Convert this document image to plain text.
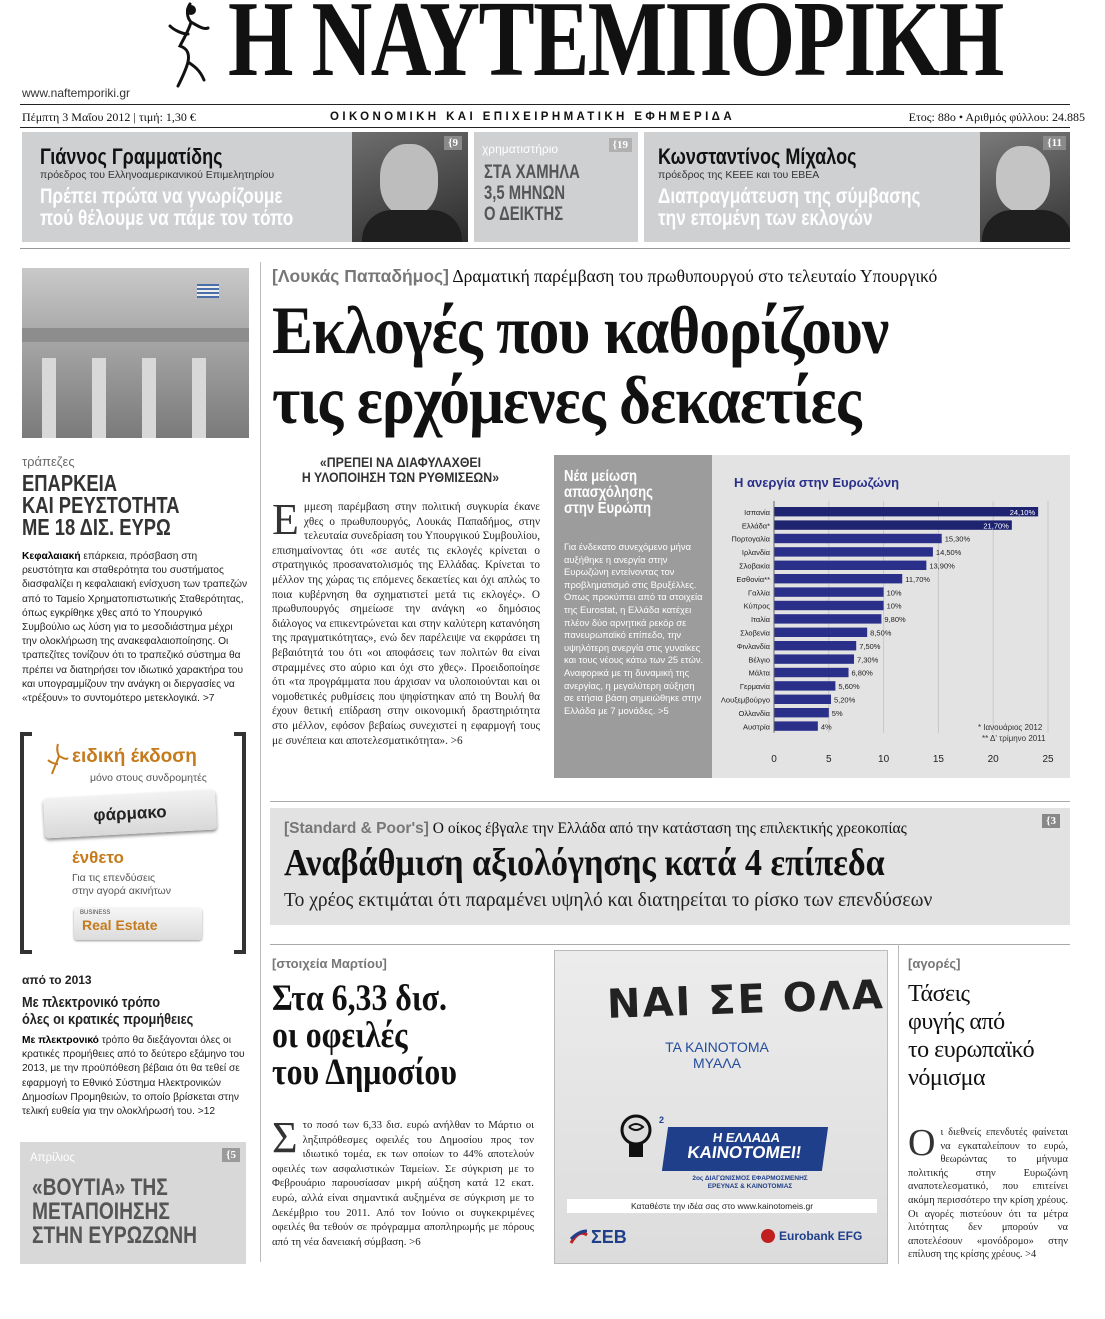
Η ΝΑΥΤΕΜΠΟΡΙΚΗ
www.naftemporiki.gr
Πέμπτη 3 Μαΐου 2012 | τιμή: 1,30 €	ΟΙΚΟΝΟΜΙΚΗ ΚΑΙ ΕΠΙΧΕΙΡΗΜΑΤΙΚΗ ΕΦΗΜΕΡΙΔΑ	Ετος: 88ο • Αριθμός φύλλου: 24.885
{9
Γιάννος Γραμματίδης
πρόεδρος του Ελληνοαμερικανικού Επιμελητηρίου
Πρέπει πρώτα να γνωρίζουμε
πού θέλουμε να πάμε τον τόπο
χρηματιστήριο	{19
ΣΤΑ ΧΑΜΗΛΑ
3,5 ΜΗΝΩΝ
Ο ΔΕΙΚΤΗΣ
{11
Κωνσταντίνος Μίχαλος
πρόεδρος της ΚΕΕΕ και του ΕΒΕΑ
Διαπραγμάτευση της σύμβασης
την επομένη των εκλογών
τράπεζες
ΕΠΑΡΚΕΙΑ
ΚΑΙ ΡΕΥΣΤΟΤΗΤΑ
ΜΕ 18 ΔΙΣ. ΕΥΡΩ
Κεφαλαιακή επάρκεια, πρόσβαση στη ρευστότητα και σταθερότητα του συστήματος διασφαλίζει η κεφαλαιακή ενίσχυση των τραπεζών από το Ταμείο Χρηματοπιστωτικής Σταθερότητας, όπως εγκρίθηκε χθες από το Υπουργικό Συμβούλιο ως λύση για το μεσοδιάστημα μέχρι την ολοκλήρωση της ανακεφαλαιοποίησης. Οι τραπεζίτες τονίζουν ότι το τραπεζικό σύστημα θα πρέπει να διατηρήσει τον ιδιωτικό χαρακτήρα του και υπογραμμίζουν την ανάγκη οι διεργασίες να «τρέξουν» το συντομότερο μετεκλογικά. >7
ειδική έκδοση
μόνο στους συνδρομητές
φάρμακο
ένθετο
Για τις επενδύσεις
στην αγορά ακινήτων
BUSINESS
Real Estate
από το 2013
Με πλεκτρονικό τρόπο
όλες οι κρατικές προμήθειες
Με πλεκτρονικό τρόπο θα διεξάγονται όλες οι κρατικές προμήθειες από το δεύτερο εξάμηνο του 2013, με την προϋπόθεση βέβαια ότι θα τεθεί σε εφαρμογή το Εθνικό Σύστημα Ηλεκτρονικών Δημοσίων Προμηθειών, το οποίο βρίσκεται στην τελική ευθεία για την ολοκλήρωσή του. >12
Απρίλιος	{5
«ΒΟΥΤΙΑ» ΤΗΣ
ΜΕΤΑΠΟΙΗΣΗΣ
ΣΤΗΝ ΕΥΡΩΖΩΝΗ
[Λουκάς Παπαδήμος] Δραματική παρέμβαση του πρωθυπουργού στο τελευταίο Υπουργικό
Εκλογές που καθορίζουν
τις ερχόμενες δεκαετίες
«ΠΡΕΠΕΙ ΝΑ ΔΙΑΦΥΛΑΧΘΕΙ
Η ΥΛΟΠΟΙΗΣΗ ΤΩΝ ΡΥΘΜΙΣΕΩΝ»
Εμμεση παρέμβαση στην πολιτική συγκυρία έκανε χθες ο πρωθυπουργός, Λουκάς Παπαδήμος, στην τελευταία συνεδρίαση του Υπουργικού Συμβουλίου, επισημαίνοντας ότι «σε αυτές τις εκλογές κρίνεται ο στρατηγικός προσανατολισμός της Ελλάδας. Κρίνεται το μέλλον της χώρας τις επόμενες δεκαετίες και όχι απλώς το ποια κυβέρνηση θα σχηματιστεί μετά τις εκλογές». Ο πρωθυπουργός σημείωσε την ανάγκη «ο δημόσιος διάλογος να επικεντρώνεται και στην καλύτερη κατανόηση της πραγματικότητας», ενώ δεν παρέλειψε να εκφράσει τη βεβαιότητά του ότι «οι αποφάσεις των πολιτών θα είναι στραμμένες στο αύριο και όχι στο χθες». Προειδοποίησε ότι «τα προγράμματα που άρχισαν να υλοποιούνται και οι νομοθετικές ρυθμίσεις που ψηφίστηκαν από τη Βουλή θα έχουν θετική επίδραση στην οικονομική δραστηριότητα στο μέλλον, εφόσον βεβαίως συνεχιστεί η εφαρμογή τους με συνέπεια και αποτελεσματικότητα». >6
Νέα μείωση
απασχόλησης
στην Ευρώπη
Για ένδεκατο συνεχόμενο μήνα αυξήθηκε η ανεργία στην Ευρωζώνη εντείνοντας τον προβληματισμό στις Βρυξέλλες. Οπως προκύπτει από τα στοιχεία της Eurostat, η Ελλάδα κατέχει πλέον δύο αρνητικά ρεκόρ σε πανευρωπαϊκό επίπεδο, την υψηλότερη ανεργία στις γυναίκες και τους νέους κάτω των 25 ετών. Αναφορικά με τη δυναμική της ανεργίας, η μεγαλύτερη αύξηση σε ετήσια βάση σημειώθηκε στην Ελλάδα με 7 μονάδες. >5
Η ανεργία στην Ευρωζώνη
0	5	10	15	20	25
Ισπανία	24,10%
Ελλάδα*	21,70%
Πορτογαλία	15,30%
Ιρλανδία	14,50%
Σλοβακία	13,90%
Εσθονία**	11,70%
Γαλλία	10%
Κύπρος	10%
Ιταλία	9,80%
Σλοβενία	8,50%
Φινλανδία	7,50%
Βέλγιο	7,30%
Μάλτα	6,80%
Γερμανία	5,60%
Λουξεμβούργο	5,20%
Ολλανδία	5%
Αυστρία	4%	* Ιανουάριος 2012
** Δ' τρίμηνο 2011
[Standard & Poor's] Ο οίκος έβγαλε την Ελλάδα από την κατάσταση της επιλεκτικής χρεοκοπίας	{3
Αναβάθμιση αξιολόγησης κατά 4 επίπεδα
Το χρέος εκτιμάται ότι παραμένει υψηλό και διατηρείται το ρίσκο των επενδύσεων
[στοιχεία Μαρτίου]
Στα 6,33 δισ.
οι οφειλές
του Δημοσίου
Στο ποσό των 6,33 δισ. ευρώ ανήλθαν το Μάρτιο οι ληξιπρόθεσμες οφειλές του Δημοσίου προς τον ιδιωτικό τομέα, εκ των οποίων το 44% αποτελούν οφειλές των ασφαλιστικών Ταμείων. Σε σύγκριση με το Φεβρουάριο παρουσίασαν μικρή αύξηση κατά 12 εκατ. ευρώ, αλλά είναι σημαντικά αυξημένα σε σύγκριση με το Δεκέμβριο του 2011. Από τον Ιούνιο οι συγκεκριμένες οφειλές θα τεθούν σε πρόγραμμα αποπληρωμής με πόρους από τη νέα δανειακή σύμβαση. >6
ΝΑΙ ΣΕ ΟΛΑ
ΤΑ ΚΑΙΝΟΤΟΜΑ
ΜΥΑΛΑ
2
Η ΕΛΛΑΔΑ
ΚΑΙΝΟΤΟΜΕΙ!
2ος ΔΙΑΓΩΝΙΣΜΟΣ ΕΦΑΡΜΟΣΜΕΝΗΣ
ΕΡΕΥΝΑΣ & ΚΑΙΝΟΤΟΜΙΑΣ
Καταθέστε την ιδέα σας στο www.kainotomeis.gr
ΣΕΒ	Eurobank EFG
[αγορές]
Τάσεις
φυγής από
το ευρωπαϊκό
νόμισμα
Οι διεθνείς επενδυτές φαίνεται να εγκαταλείπουν το ευρώ, θεωρώντας το μήνυμα πολιτικής στην Ευρωζώνη αναποτελεσματικό, που επιτείνει ακόμη περισσότερο την κρίση χρέους. Οι αγορές πιστεύουν ότι τα μέτρα λιτότητας δεν μπορούν να αποτελέσουν «μονόδρομο» στην επίλυση της κρίσης χρέους. >4
